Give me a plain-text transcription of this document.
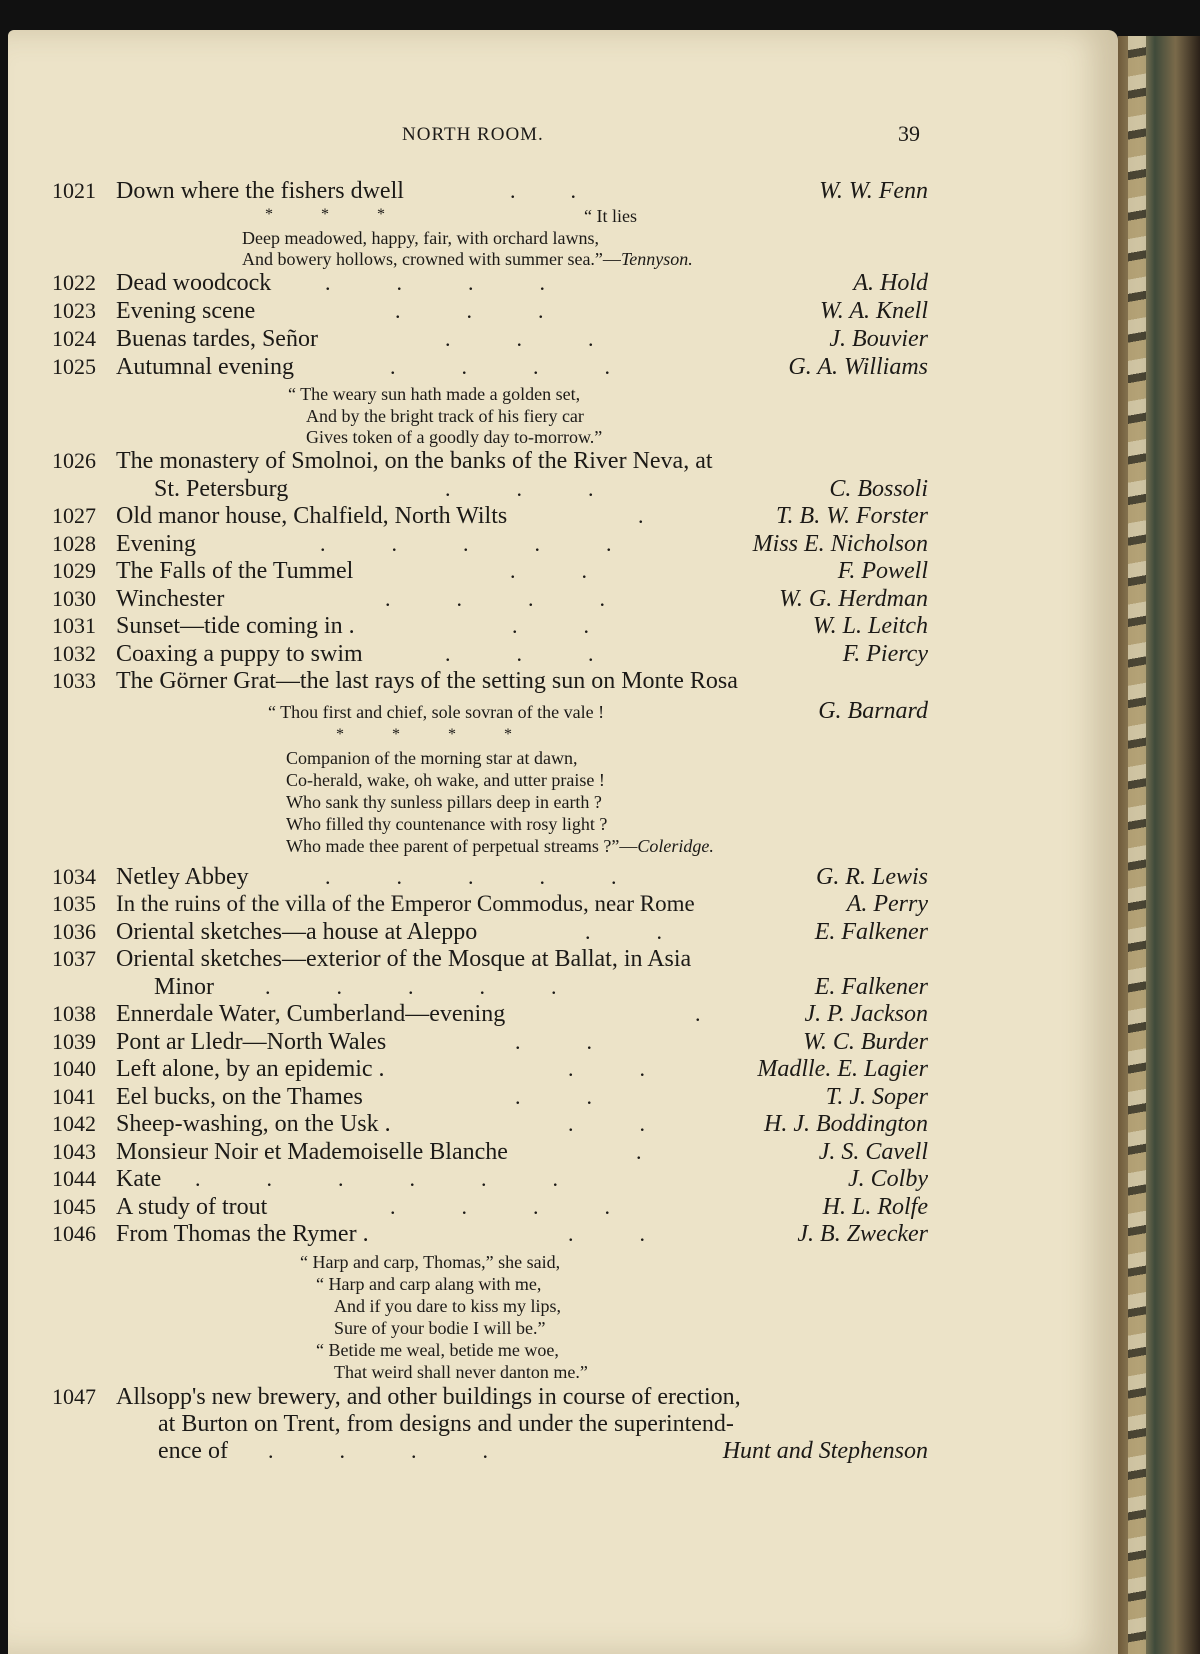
NORTH ROOM.	39
1021 Down where the fishers dwell	.          .	W. W. Fenn
*            *            *	“ It lies
Deep meadowed, happy, fair, with orchard lawns,
And bowery hollows, crowned with summer sea.”—Tennyson.
1022 Dead woodcock .            .            .            .	A. Hold
1023 Evening scene	.            .            .	W. A. Knell
1024 Buenas tardes, Señor	.            .            .	J. Bouvier
1025 Autumnal evening	.            .            .            .	G. A. Williams
“ The weary sun hath made a golden set,
And by the bright track of his fiery car
Gives token of a goodly day to-morrow.”
1026 The monastery of Smolnoi, on the banks of the River Neva, at
St. Petersburg	.            .            .	C. Bossoli
1027 Old manor house, Chalfield, North Wilts	.	T. B. W. Forster
1028 Evening	.            .            .            .            .	Miss E. Nicholson
1029 The Falls of the Tummel	.            .	F. Powell
1030 Winchester	.            .            .            .	W. G. Herdman
1031 Sunset—tide coming in .	.            .	W. L. Leitch
1032 Coaxing a puppy to swim	.            .            .	F. Piercy
1033 The Görner Grat—the last rays of the setting sun on Monte Rosa
“ Thou first and chief, sole sovran of the vale !	G. Barnard
*            *            *            *
Companion of the morning star at dawn,
Co-herald, wake, oh wake, and utter praise !
Who sank thy sunless pillars deep in earth ?
Who filled thy countenance with rosy light ?
Who made thee parent of perpetual streams ?”—Coleridge.
1034 Netley Abbey	.            .            .            .            .	G. R. Lewis
1035 In the ruins of the villa of the Emperor Commodus, near Rome	A. Perry
1036 Oriental sketches—a house at Aleppo	.            .	E. Falkener
1037 Oriental sketches—exterior of the Mosque at Ballat, in Asia
Minor .            .            .            .            .	E. Falkener
1038 Ennerdale Water, Cumberland—evening	.	J. P. Jackson
1039 Pont ar Lledr—North Wales	.            .	W. C. Burder
1040 Left alone, by an epidemic .	.            .	Madlle. E. Lagier
1041 Eel bucks, on the Thames	.            .	T. J. Soper
1042 Sheep-washing, on the Usk .	.            .	H. J. Boddington
1043 Monsieur Noir et Mademoiselle Blanche	.	J. S. Cavell
1044 Kate .            .            .            .            .            .	J. Colby
1045 A study of trout	.            .            .            .	H. L. Rolfe
1046 From Thomas the Rymer .	.            .	J. B. Zwecker
“ Harp and carp, Thomas,” she said,
“ Harp and carp alang with me,
And if you dare to kiss my lips,
Sure of your bodie I will be.”
“ Betide me weal, betide me woe,
That weird shall never danton me.”
1047 Allsopp's new brewery, and other buildings in course of erection,
at Burton on Trent, from designs and under the superintend-
ence of .            .            .            .	Hunt and Stephenson
